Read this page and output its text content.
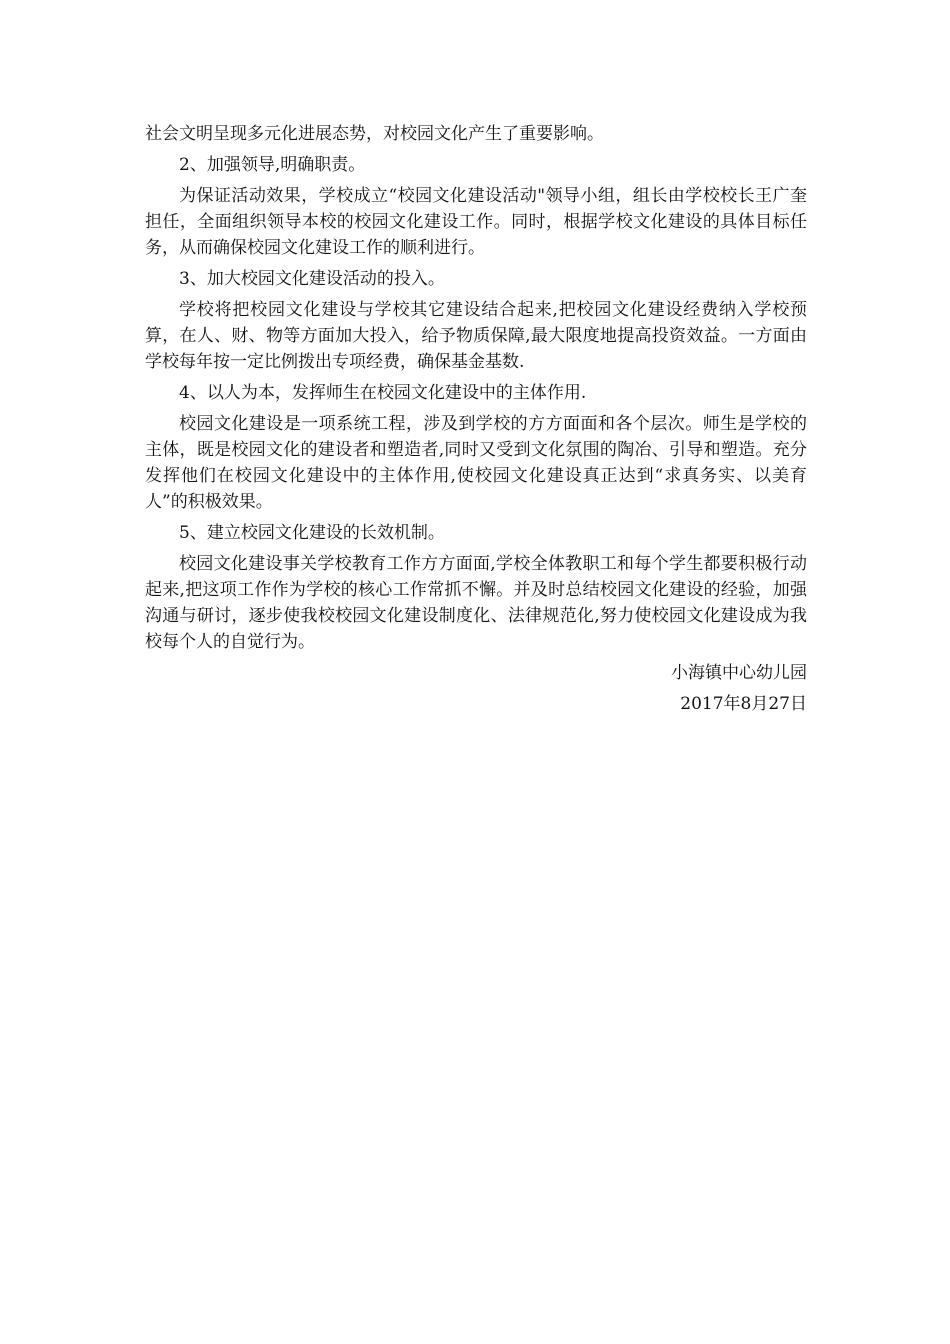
社会文明呈现多元化进展态势，对校园文化产生了重要影响。

2、加强领导,明确职责。

为保证活动效果，学校成立“校园文化建设活动"领导小组，组长由学校校长王广奎担任，全面组织领导本校的校园文化建设工作。同时，根据学校文化建设的具体目标任务，从而确保校园文化建设工作的顺利进行。

3、加大校园文化建设活动的投入。

学校将把校园文化建设与学校其它建设结合起来,把校园文化建设经费纳入学校预算，在人、财、物等方面加大投入，给予物质保障,最大限度地提高投资效益。一方面由学校每年按一定比例拨出专项经费，确保基金基数.

4、以人为本，发挥师生在校园文化建设中的主体作用.

校园文化建设是一项系统工程，涉及到学校的方方面面和各个层次。师生是学校的主体，既是校园文化的建设者和塑造者,同时又受到文化氛围的陶冶、引导和塑造。充分发挥他们在校园文化建设中的主体作用,使校园文化建设真正达到“求真务实、以美育人”的积极效果。

5、建立校园文化建设的长效机制。

校园文化建设事关学校教育工作方方面面,学校全体教职工和每个学生都要积极行动起来,把这项工作作为学校的核心工作常抓不懈。并及时总结校园文化建设的经验，加强沟通与研讨，逐步使我校校园文化建设制度化、法律规范化,努力使校园文化建设成为我校每个人的自觉行为。

小海镇中心幼儿园

2017年8月27日
